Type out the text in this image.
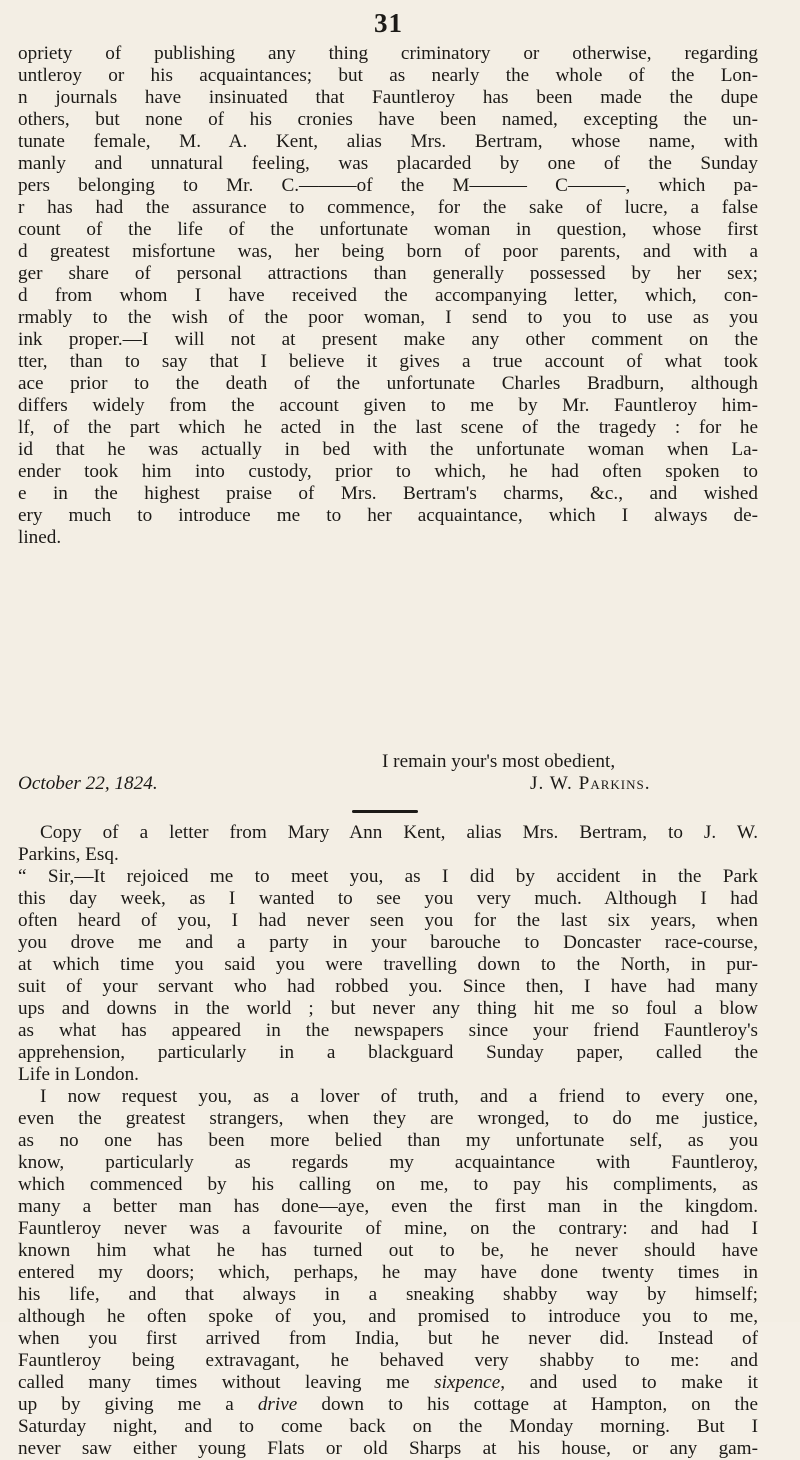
31
opriety of publishing any thing criminatory or otherwise, regarding
untleroy or his acquaintances; but as nearly the whole of the Lon-
n journals have insinuated that Fauntleroy has been made the dupe
others, but none of his cronies have been named, excepting the un-
tunate female, M. A. Kent, alias Mrs. Bertram, whose name, with
manly and unnatural feeling, was placarded by one of the Sunday
pers belonging to Mr. C.———of the M——— C———, which pa-
r has had the assurance to commence, for the sake of lucre, a false
count of the life of the unfortunate woman in question, whose first
d greatest misfortune was, her being born of poor parents, and with a
ger share of personal attractions than generally possessed by her sex;
d from whom I have received the accompanying letter, which, con-
rmably to the wish of the poor woman, I send to you to use as you
ink proper.—I will not at present make any other comment on the
tter, than to say that I believe it gives a true account of what took
ace prior to the death of the unfortunate Charles Bradburn, although
differs widely from the account given to me by Mr. Fauntleroy him-
lf, of the part which he acted in the last scene of the tragedy : for he
id that he was actually in bed with the unfortunate woman when La-
ender took him into custody, prior to which, he had often spoken to
e in the highest praise of Mrs. Bertram's charms, &c., and wished
ery much to introduce me to her acquaintance, which I always de-
lined.
I remain your's most obedient,
October 22, 1824.	J. W. Parkins.
Copy of a letter from Mary Ann Kent, alias Mrs. Bertram, to J. W.
Parkins, Esq.
“ Sir,—It rejoiced me to meet you, as I did by accident in the Park
this day week, as I wanted to see you very much. Although I had
often heard of you, I had never seen you for the last six years, when
you drove me and a party in your barouche to Doncaster race-course,
at which time you said you were travelling down to the North, in pur-
suit of your servant who had robbed you. Since then, I have had many
ups and downs in the world ; but never any thing hit me so foul a blow
as what has appeared in the newspapers since your friend Fauntleroy's
apprehension, particularly in a blackguard Sunday paper, called the
Life in London.
I now request you, as a lover of truth, and a friend to every one,
even the greatest strangers, when they are wronged, to do me justice,
as no one has been more belied than my unfortunate self, as you
know, particularly as regards my acquaintance with Fauntleroy,
which commenced by his calling on me, to pay his compliments, as
many a better man has done—aye, even the first man in the kingdom.
Fauntleroy never was a favourite of mine, on the contrary: and had I
known him what he has turned out to be, he never should have
entered my doors; which, perhaps, he may have done twenty times in
his life, and that always in a sneaking shabby way by himself;
although he often spoke of you, and promised to introduce you to me,
when you first arrived from India, but he never did. Instead of
Fauntleroy being extravagant, he behaved very shabby to me: and
called many times without leaving me sixpence, and used to make it
up by giving me a drive down to his cottage at Hampton, on the
Saturday night, and to come back on the Monday morning. But I
never saw either young Flats or old Sharps at his house, or any gam-
